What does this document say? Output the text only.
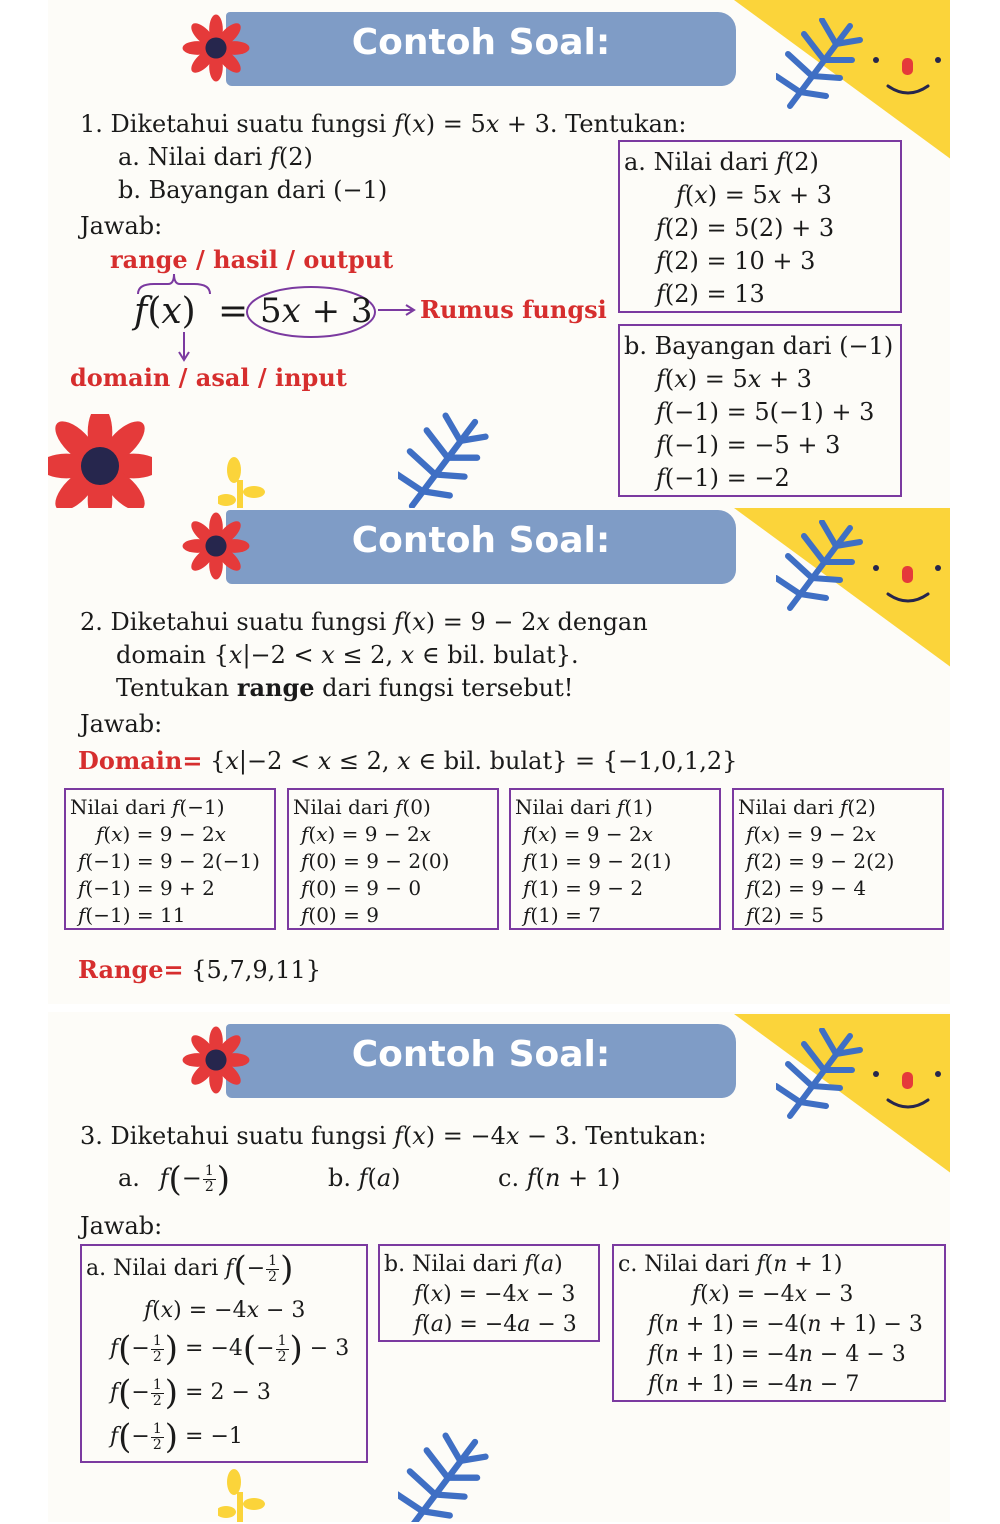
Contoh Soal:
1. Diketahui suatu fungsi 𝑓(𝑥) = 5𝑥 + 3. Tentukan:
a. Nilai dari 𝑓(2)
b. Bayangan dari (−1)
Jawab:
range / hasil / output
𝑓(𝑥) = 5𝑥 + 3 Rumus fungsi
domain / asal / input
a. Nilai dari 𝑓(2)
𝑓(𝑥) = 5𝑥 + 3
𝑓(2) = 5(2) + 3
𝑓(2) = 10 + 3
𝑓(2) = 13
b. Bayangan dari (−1)
𝑓(𝑥) = 5𝑥 + 3
𝑓(−1) = 5(−1) + 3
𝑓(−1) = −5 + 3
𝑓(−1) = −2
Contoh Soal:
2. Diketahui suatu fungsi 𝑓(𝑥) = 9 − 2𝑥 dengan
domain {𝑥|−2 < 𝑥 ≤ 2, 𝑥 ∈ bil. bulat}.
Tentukan range dari fungsi tersebut!
Jawab:
Domain= {𝑥|−2 < 𝑥 ≤ 2, 𝑥 ∈ bil. bulat} = {−1,0,1,2}
Nilai dari 𝑓(−1)
𝑓(𝑥) = 9 − 2𝑥
𝑓(−1) = 9 − 2(−1)
𝑓(−1) = 9 + 2
𝑓(−1) = 11
Nilai dari 𝑓(0)
𝑓(𝑥) = 9 − 2𝑥
𝑓(0) = 9 − 2(0)
𝑓(0) = 9 − 0
𝑓(0) = 9
Nilai dari 𝑓(1)
𝑓(𝑥) = 9 − 2𝑥
𝑓(1) = 9 − 2(1)
𝑓(1) = 9 − 2
𝑓(1) = 7
Nilai dari 𝑓(2)
𝑓(𝑥) = 9 − 2𝑥
𝑓(2) = 9 − 2(2)
𝑓(2) = 9 − 4
𝑓(2) = 5
Range= {5,7,9,11}
Contoh Soal:
3. Diketahui suatu fungsi 𝑓(𝑥) = −4𝑥 − 3. Tentukan:
a. 𝑓(− $\frac{1}{2}$ )	b. 𝑓(𝑎)	c. 𝑓(𝑛 + 1)
Jawab:
a. Nilai dari 𝑓(− $\frac{1}{2}$ )
𝑓(𝑥) = −4𝑥 − 3
𝑓(− $\frac{1}{2}$ ) = $-4(- \frac{1}{2}$ ) − 3
𝑓(− $\frac{1}{2}$ ) = 2 − 3
𝑓(− $\frac{1}{2}$ ) = −1
b. Nilai dari 𝑓(𝑎)
𝑓(𝑥) = −4𝑥 − 3
𝑓(𝑎) = −4𝑎 − 3
c. Nilai dari 𝑓(𝑛 + 1)
𝑓(𝑥) = −4𝑥 − 3
𝑓(𝑛 + 1) = −4(𝑛 + 1) − 3
𝑓(𝑛 + 1) = −4𝑛 − 4 − 3
𝑓(𝑛 + 1) = −4𝑛 − 7
